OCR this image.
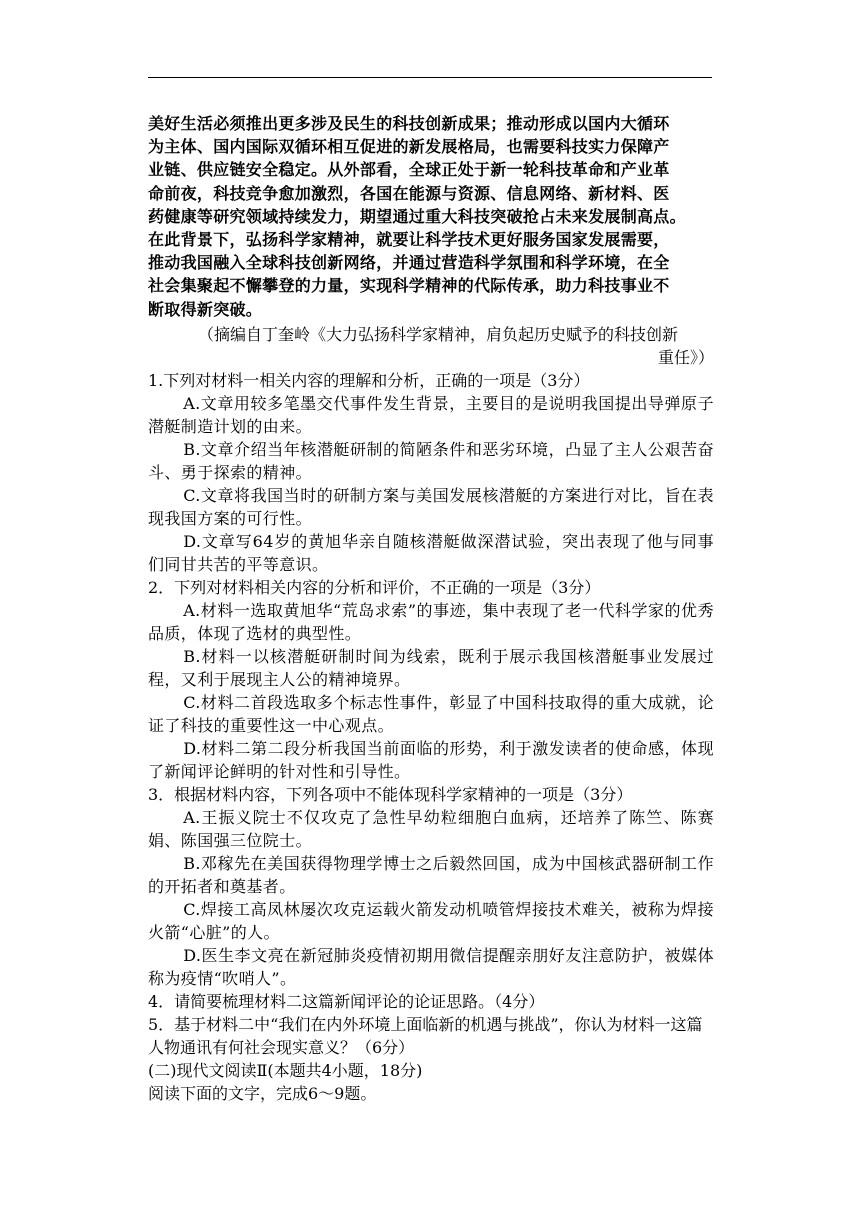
美好生活必须推出更多涉及民生的科技创新成果；推动形成以国内大循环

为主体、国内国际双循环相互促进的新发展格局，也需要科技实力保障产

业链、供应链安全稳定。从外部看，全球正处于新一轮科技革命和产业革

命前夜，科技竞争愈加激烈，各国在能源与资源、信息网络、新材料、医

药健康等研究领域持续发力，期望通过重大科技突破抢占未来发展制高点。

在此背景下，弘扬科学家精神，就要让科学技术更好服务国家发展需要，

推动我国融入全球科技创新网络，并通过营造科学氛围和科学环境，在全

社会集聚起不懈攀登的力量，实现科学精神的代际传承，助力科技事业不

断取得新突破。

（摘编自丁奎岭《大力弘扬科学家精神，肩负起历史赋予的科技创新
重任》）

1.下列对材料一相关内容的理解和分析，正确的一项是（3分）

A.文章用较多笔墨交代事件发生背景，主要目的是说明我国提出导弹原子潜艇制造计划的由来。

B.文章介绍当年核潜艇研制的简陋条件和恶劣环境，凸显了主人公艰苦奋斗、勇于探索的精神。

C.文章将我国当时的研制方案与美国发展核潜艇的方案进行对比，旨在表现我国方案的可行性。

D.文章写64岁的黄旭华亲自随核潜艇做深潜试验，突出表现了他与同事们同甘共苦的平等意识。

2．下列对材料相关内容的分析和评价，不正确的一项是（3分）

A.材料一选取黄旭华“荒岛求索”的事迹，集中表现了老一代科学家的优秀品质，体现了选材的典型性。

B.材料一以核潜艇研制时间为线索，既利于展示我国核潜艇事业发展过程，又利于展现主人公的精神境界。

C.材料二首段选取多个标志性事件，彰显了中国科技取得的重大成就，论证了科技的重要性这一中心观点。

D.材料二第二段分析我国当前面临的形势，利于激发读者的使命感，体现了新闻评论鲜明的针对性和引导性。

3．根据材料内容，下列各项中不能体现科学家精神的一项是（3分）

A.王振义院士不仅攻克了急性早幼粒细胞白血病，还培养了陈竺、陈赛娟、陈国强三位院士。

B.邓稼先在美国获得物理学博士之后毅然回国，成为中国核武器研制工作的开拓者和奠基者。

C.焊接工高凤林屡次攻克运载火箭发动机喷管焊接技术难关，被称为焊接火箭“心脏”的人。

D.医生李文亮在新冠肺炎疫情初期用微信提醒亲朋好友注意防护，被媒体称为疫情“吹哨人”。

4．请简要梳理材料二这篇新闻评论的论证思路。（4分）

5．基于材料二中“我们在内外环境上面临新的机遇与挑战”，你认为材料一这篇人物通讯有何社会现实意义？（6分）

(二)现代文阅读Ⅱ(本题共4小题，18分)

阅读下面的文字，完成6～9题。
